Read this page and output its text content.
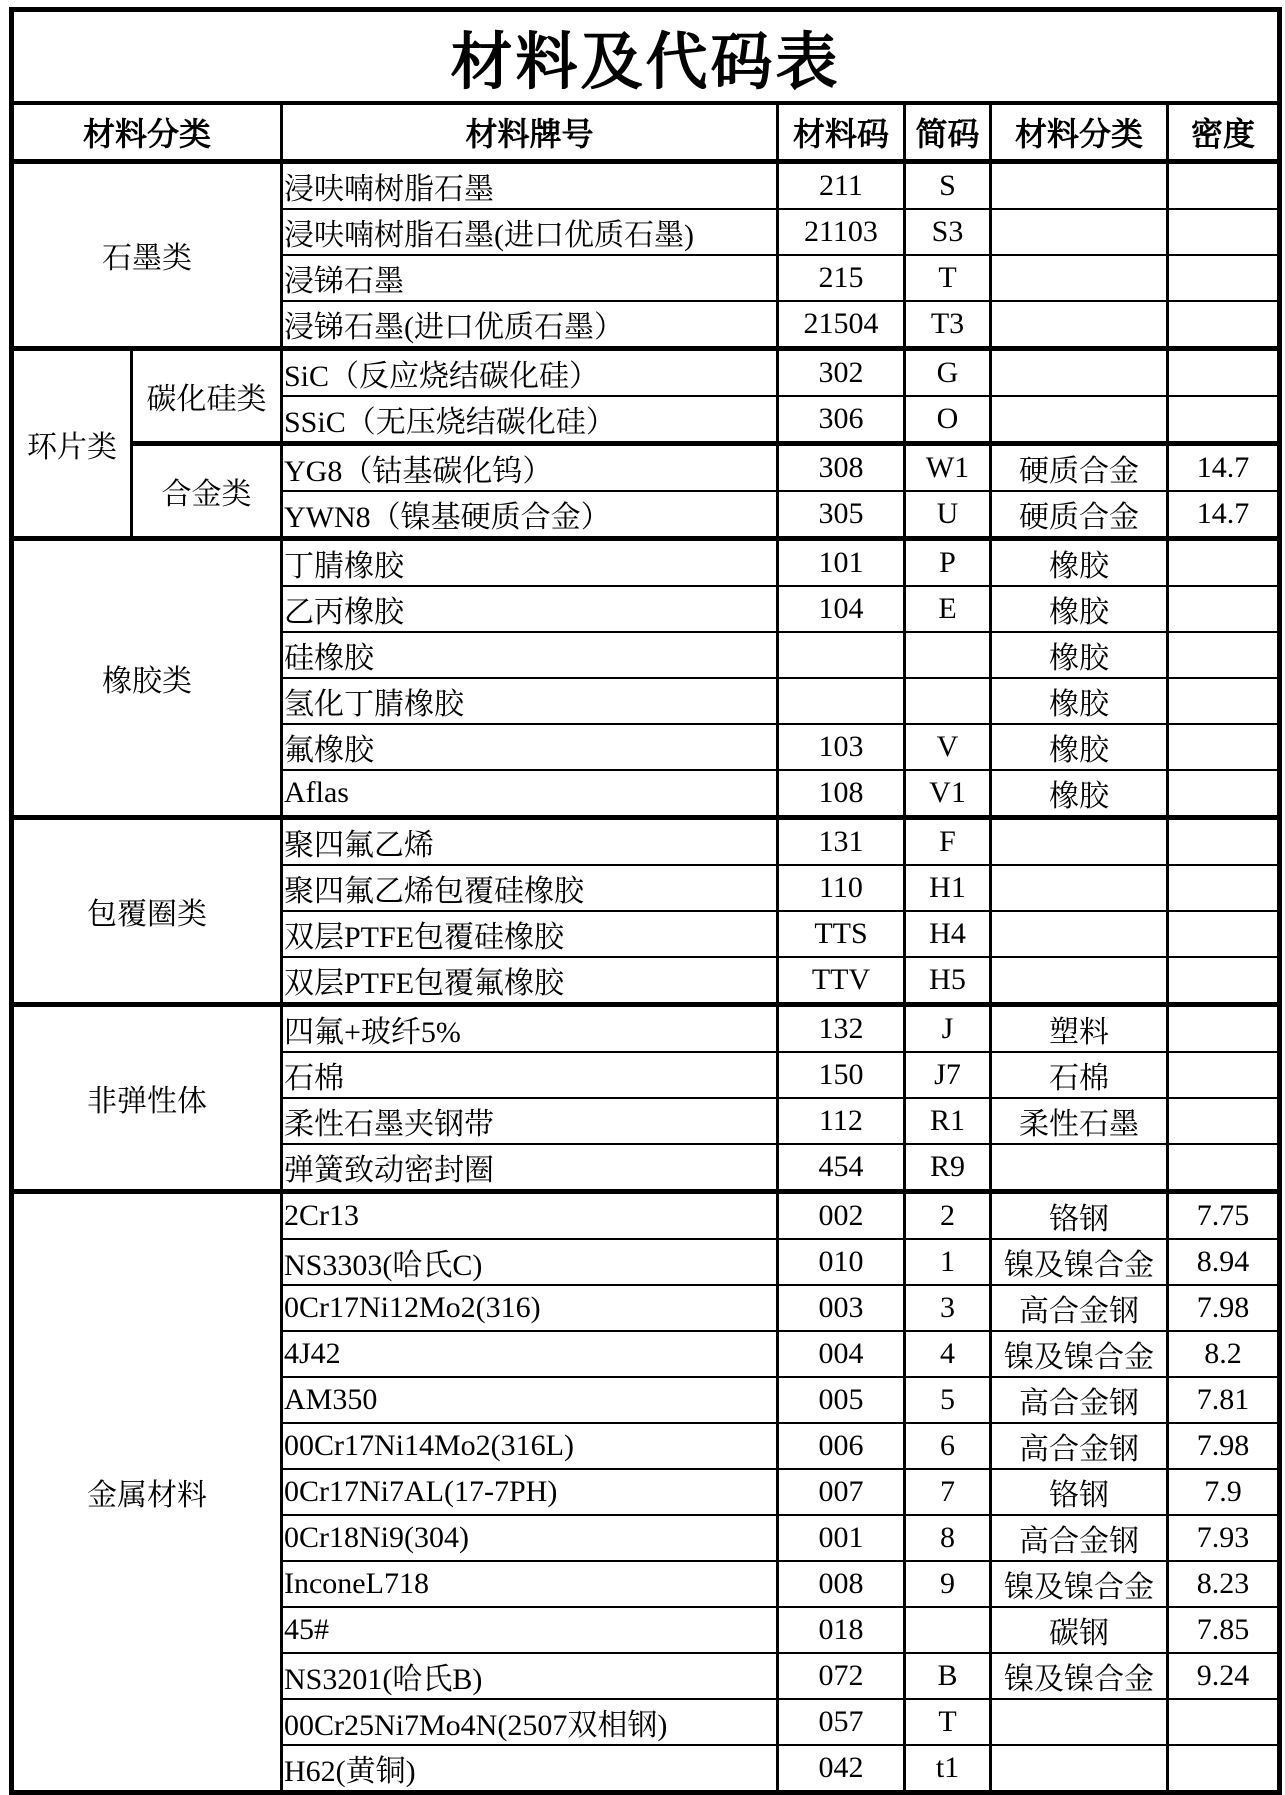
材料及代码表						
材料分类		材料牌号	材料码	简码	材料分类	密度
石墨类		浸呋喃树脂石墨	211	S		
		浸呋喃树脂石墨(进口优质石墨)	21103	S3		
		浸锑石墨	215	T		
		浸锑石墨(进口优质石墨）	21504	T3		
环片类	碳化硅类	SiC（反应烧结碳化硅）	302	G		
		SSiC（无压烧结碳化硅）	306	O		
	合金类	YG8（钴基碳化钨）	308	W1	硬质合金	14.7
		YWN8（镍基硬质合金）	305	U	硬质合金	14.7
橡胶类		丁腈橡胶	101	P	橡胶	
		乙丙橡胶	104	E	橡胶	
		硅橡胶			橡胶	
		氢化丁腈橡胶			橡胶	
		氟橡胶	103	V	橡胶	
		Aflas	108	V1	橡胶	
包覆圈类		聚四氟乙烯	131	F		
		聚四氟乙烯包覆硅橡胶	110	H1		
		双层PTFE包覆硅橡胶	TTS	H4		
		双层PTFE包覆氟橡胶	TTV	H5		
非弹性体		四氟+玻纤5%	132	J	塑料	
		石棉	150	J7	石棉	
		柔性石墨夹钢带	112	R1	柔性石墨	
		弹簧致动密封圈	454	R9		
金属材料		2Cr13	002	2	铬钢	7.75
		NS3303(哈氏C)	010	1	镍及镍合金	8.94
		0Cr17Ni12Mo2(316)	003	3	高合金钢	7.98
		4J42	004	4	镍及镍合金	8.2
		AM350	005	5	高合金钢	7.81
		00Cr17Ni14Mo2(316L)	006	6	高合金钢	7.98
		0Cr17Ni7AL(17-7PH)	007	7	铬钢	7.9
		0Cr18Ni9(304)	001	8	高合金钢	7.93
		InconeL718	008	9	镍及镍合金	8.23
		45#	018		碳钢	7.85
		NS3201(哈氏B)	072	B	镍及镍合金	9.24
		00Cr25Ni7Mo4N(2507双相钢)	057	T		
		H62(黄铜)	042	t1		
